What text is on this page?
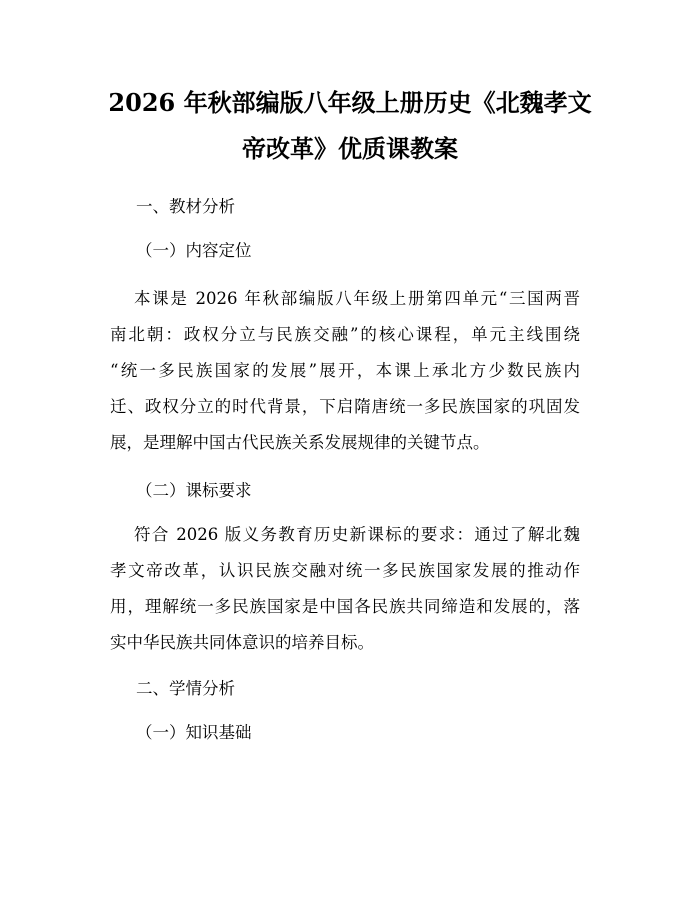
2026 年秋部编版八年级上册历史《北魏孝文
帝改革》优质课教案
一、教材分析
（一）内容定位
本课是 2026 年秋部编版八年级上册第四单元“三国两晋
南北朝：政权分立与民族交融”的核心课程，单元主线围绕
“统一多民族国家的发展”展开，本课上承北方少数民族内
迁、政权分立的时代背景，下启隋唐统一多民族国家的巩固发
展，是理解中国古代民族关系发展规律的关键节点。
（二）课标要求
符合 2026 版义务教育历史新课标的要求：通过了解北魏
孝文帝改革，认识民族交融对统一多民族国家发展的推动作
用，理解统一多民族国家是中国各民族共同缔造和发展的，落
实中华民族共同体意识的培养目标。
二、学情分析
（一）知识基础
